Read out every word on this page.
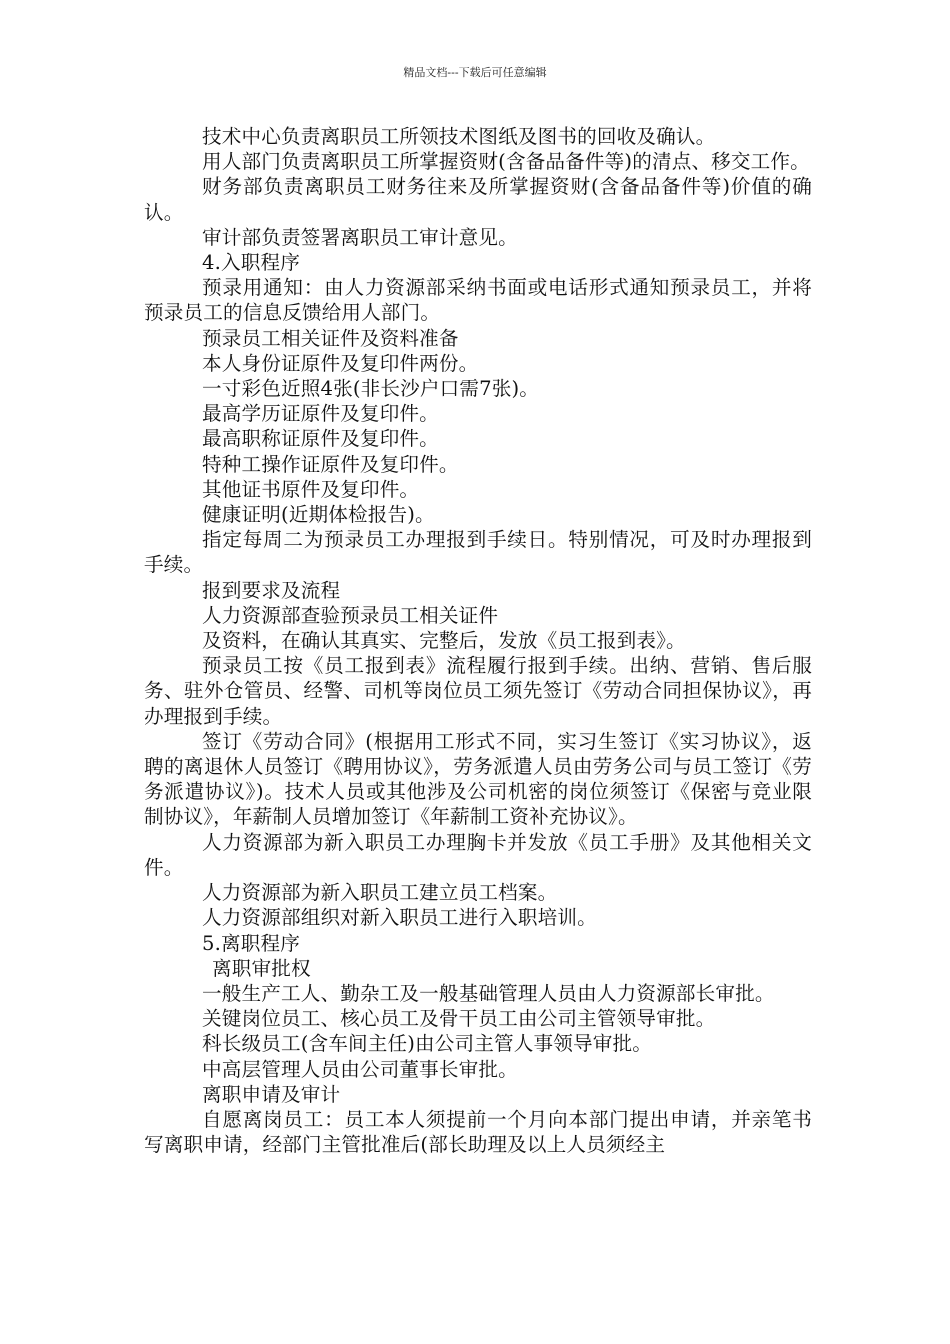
精品文档---下载后可任意编辑

技术中心负责离职员工所领技术图纸及图书的回收及确认。

用人部门负责离职员工所掌握资财(含备品备件等)的清点、移交工作。

财务部负责离职员工财务往来及所掌握资财(含备品备件等)价值的确认。

审计部负责签署离职员工审计意见。

4.入职程序

预录用通知：由人力资源部采纳书面或电话形式通知预录员工，并将预录员工的信息反馈给用人部门。

预录员工相关证件及资料准备

本人身份证原件及复印件两份。

一寸彩色近照4张(非长沙户口需7张)。

最高学历证原件及复印件。

最高职称证原件及复印件。

特种工操作证原件及复印件。

其他证书原件及复印件。

健康证明(近期体检报告)。

指定每周二为预录员工办理报到手续日。特别情况，可及时办理报到手续。

报到要求及流程

人力资源部查验预录员工相关证件

及资料，在确认其真实、完整后，发放《员工报到表》。

预录员工按《员工报到表》流程履行报到手续。出纳、营销、售后服务、驻外仓管员、经警、司机等岗位员工须先签订《劳动合同担保协议》，再办理报到手续。

签订《劳动合同》(根据用工形式不同，实习生签订《实习协议》，返聘的离退休人员签订《聘用协议》，劳务派遣人员由劳务公司与员工签订《劳务派遣协议》)。技术人员或其他涉及公司机密的岗位须签订《保密与竞业限制协议》，年薪制人员增加签订《年薪制工资补充协议》。

人力资源部为新入职员工办理胸卡并发放《员工手册》及其他相关文件。

人力资源部为新入职员工建立员工档案。

人力资源部组织对新入职员工进行入职培训。

5.离职程序

离职审批权

一般生产工人、勤杂工及一般基础管理人员由人力资源部长审批。

关键岗位员工、核心员工及骨干员工由公司主管领导审批。

科长级员工(含车间主任)由公司主管人事领导审批。

中高层管理人员由公司董事长审批。

离职申请及审计

自愿离岗员工：员工本人须提前一个月向本部门提出申请，并亲笔书写离职申请，经部门主管批准后(部长助理及以上人员须经主
